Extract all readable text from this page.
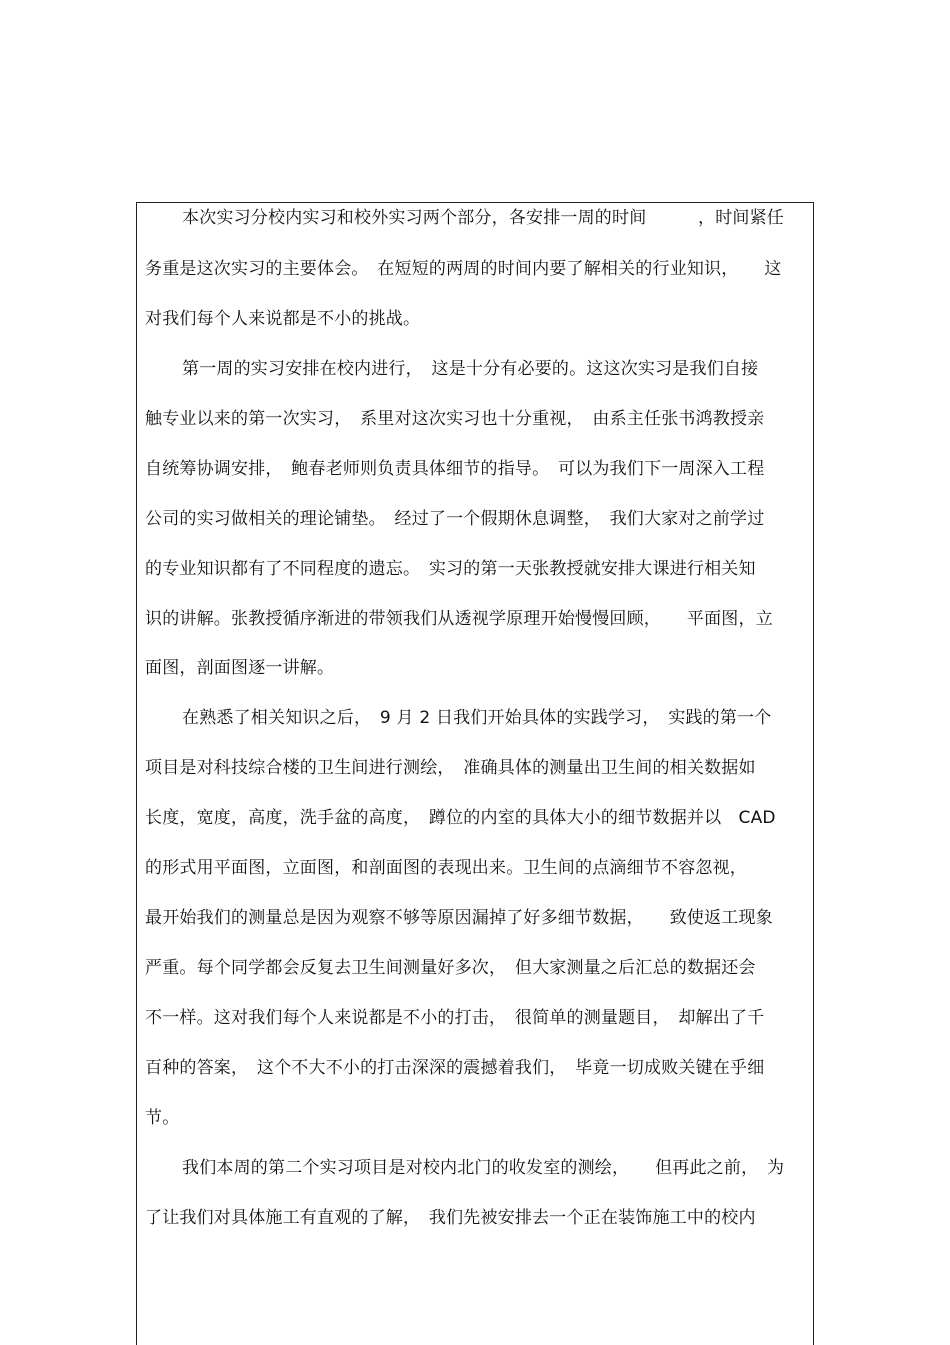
本次实习分校内实习和校外实习两个部分，各安排一周的时间　　　，时间紧任
务重是这次实习的主要体会。　在短短的两周的时间内要了解相关的行业知识，　　这
对我们每个人来说都是不小的挑战。
第一周的实习安排在校内进行，　这是十分有必要的。这这次实习是我们自接
触专业以来的第一次实习，　系里对这次实习也十分重视，　由系主任张书鸿教授亲
自统筹协调安排，　鲍春老师则负责具体细节的指导。　可以为我们下一周深入工程
公司的实习做相关的理论铺垫。　经过了一个假期休息调整，　我们大家对之前学过
的专业知识都有了不同程度的遗忘。　实习的第一天张教授就安排大课进行相关知
识的讲解。张教授循序渐进的带领我们从透视学原理开始慢慢回顾，　　平面图，立
面图，剖面图逐一讲解。
在熟悉了相关知识之后，　9 月 2 日我们开始具体的实践学习，　实践的第一个
项目是对科技综合楼的卫生间进行测绘，　准确具体的测量出卫生间的相关数据如
长度，宽度，高度，洗手盆的高度，　蹲位的内室的具体大小的细节数据并以　CAD
的形式用平面图，立面图，和剖面图的表现出来。卫生间的点滴细节不容忽视，
最开始我们的测量总是因为观察不够等原因漏掉了好多细节数据，　　致使返工现象
严重。每个同学都会反复去卫生间测量好多次，　但大家测量之后汇总的数据还会
不一样。这对我们每个人来说都是不小的打击，　很简单的测量题目，　却解出了千
百种的答案，　这个不大不小的打击深深的震撼着我们，　毕竟一切成败关键在乎细
节。
我们本周的第二个实习项目是对校内北门的收发室的测绘，　　但再此之前，　为
了让我们对具体施工有直观的了解，　我们先被安排去一个正在装饰施工中的校内
